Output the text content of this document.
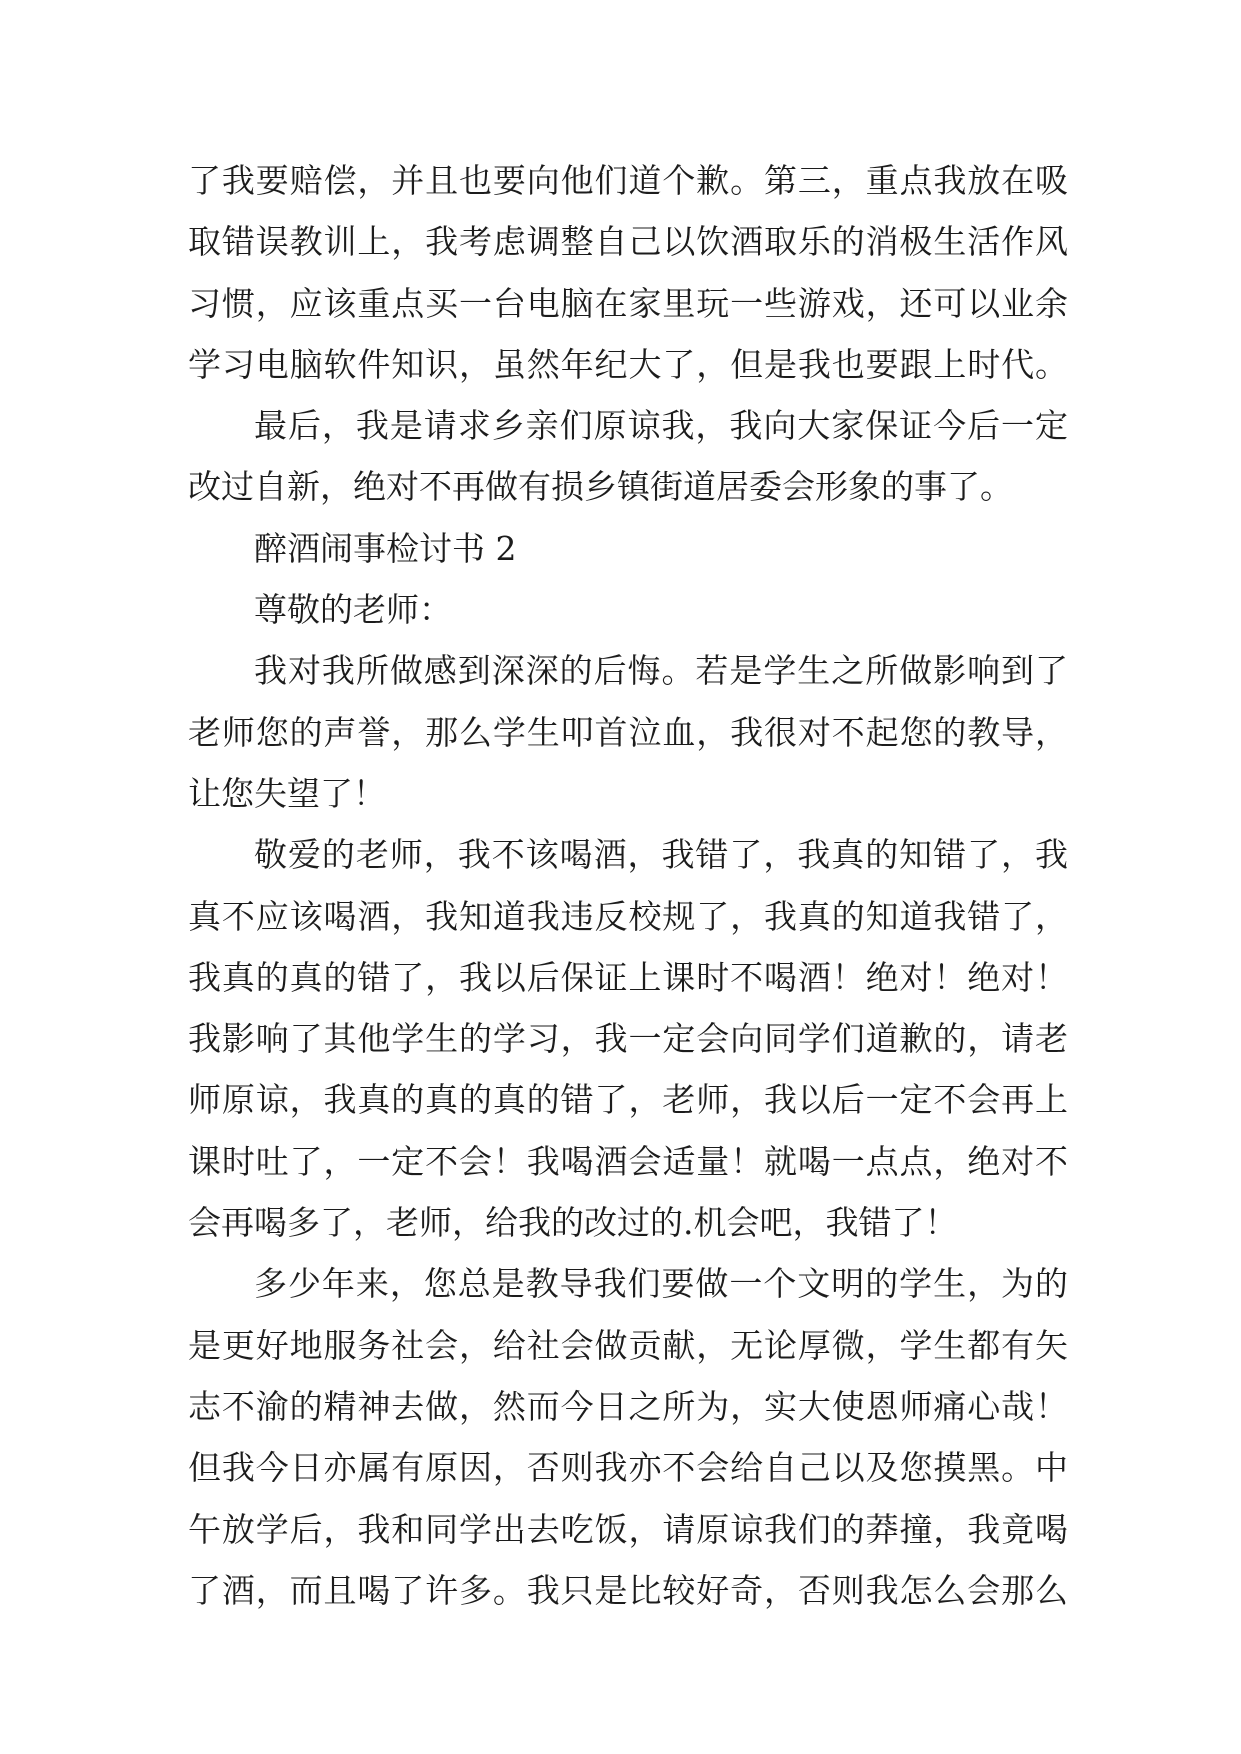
了我要赔偿，并且也要向他们道个歉。第三，重点我放在吸
取错误教训上，我考虑调整自己以饮酒取乐的消极生活作风
习惯，应该重点买一台电脑在家里玩一些游戏，还可以业余
学习电脑软件知识，虽然年纪大了，但是我也要跟上时代。
最后，我是请求乡亲们原谅我，我向大家保证今后一定
改过自新，绝对不再做有损乡镇街道居委会形象的事了。
醉酒闹事检讨书 2
尊敬的老师：
我对我所做感到深深的后悔。若是学生之所做影响到了
老师您的声誉，那么学生叩首泣血，我很对不起您的教导，
让您失望了！
敬爱的老师，我不该喝酒，我错了，我真的知错了，我
真不应该喝酒，我知道我违反校规了，我真的知道我错了，
我真的真的错了，我以后保证上课时不喝酒！绝对！绝对！
我影响了其他学生的学习，我一定会向同学们道歉的，请老
师原谅，我真的真的真的错了，老师，我以后一定不会再上
课时吐了，一定不会！我喝酒会适量！就喝一点点，绝对不
会再喝多了，老师，给我的改过的.机会吧，我错了！
多少年来，您总是教导我们要做一个文明的学生，为的
是更好地服务社会，给社会做贡献，无论厚微，学生都有矢
志不渝的精神去做，然而今日之所为，实大使恩师痛心哉！
但我今日亦属有原因，否则我亦不会给自己以及您摸黑。中
午放学后，我和同学出去吃饭，请原谅我们的莽撞，我竟喝
了酒，而且喝了许多。我只是比较好奇，否则我怎么会那么
